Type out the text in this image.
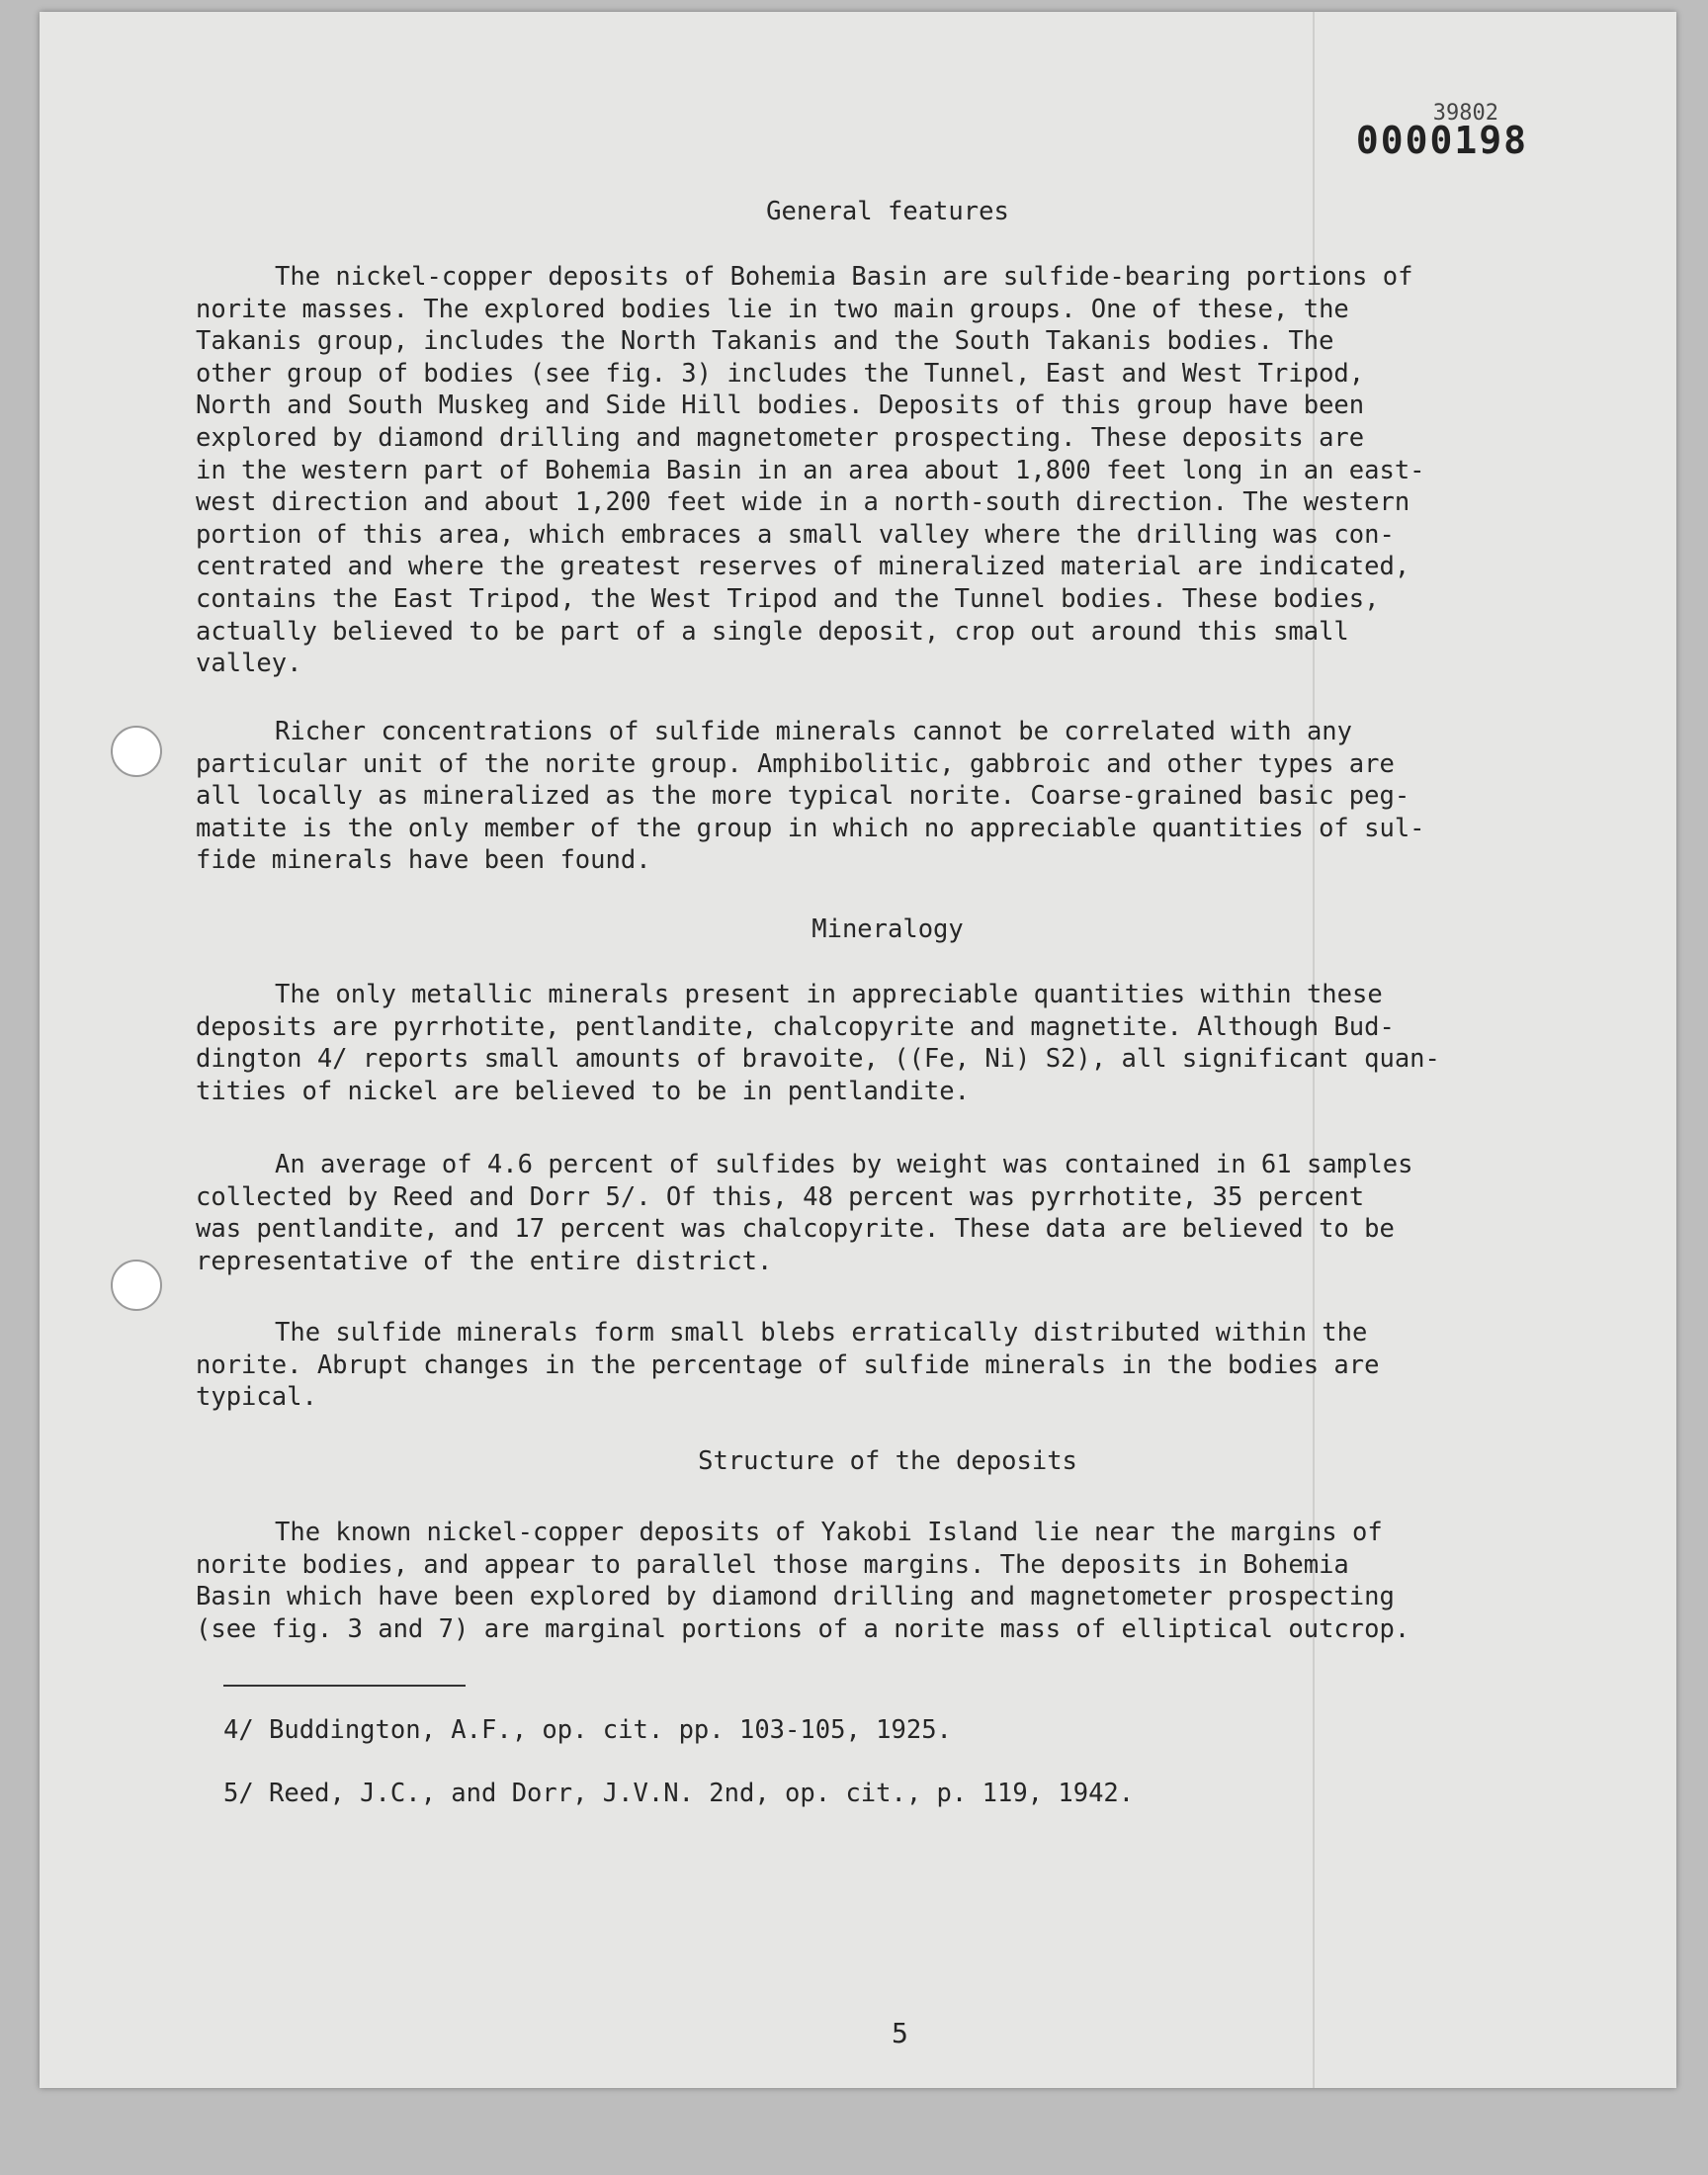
39802
0000198
General features

The nickel-copper deposits of Bohemia Basin are sulfide-bearing portions of
norite masses. The explored bodies lie in two main groups. One of these, the
Takanis group, includes the North Takanis and the South Takanis bodies. The
other group of bodies (see fig. 3) includes the Tunnel, East and West Tripod,
North and South Muskeg and Side Hill bodies. Deposits of this group have been
explored by diamond drilling and magnetometer prospecting. These deposits are
in the western part of Bohemia Basin in an area about 1,800 feet long in an east-
west direction and about 1,200 feet wide in a north-south direction. The western
portion of this area, which embraces a small valley where the drilling was con-
centrated and where the greatest reserves of mineralized material are indicated,
contains the East Tripod, the West Tripod and the Tunnel bodies. These bodies,
actually believed to be part of a single deposit, crop out around this small
valley.

Richer concentrations of sulfide minerals cannot be correlated with any
particular unit of the norite group. Amphibolitic, gabbroic and other types are
all locally as mineralized as the more typical norite. Coarse-grained basic peg-
matite is the only member of the group in which no appreciable quantities of sul-
fide minerals have been found.

Mineralogy

The only metallic minerals present in appreciable quantities within these
deposits are pyrrhotite, pentlandite, chalcopyrite and magnetite. Although Bud-
dington 4/ reports small amounts of bravoite, ((Fe, Ni) S2), all significant quan-
tities of nickel are believed to be in pentlandite.

An average of 4.6 percent of sulfides by weight was contained in 61 samples
collected by Reed and Dorr 5/. Of this, 48 percent was pyrrhotite, 35 percent
was pentlandite, and 17 percent was chalcopyrite. These data are believed to be
representative of the entire district.

The sulfide minerals form small blebs erratically distributed within the
norite. Abrupt changes in the percentage of sulfide minerals in the bodies are
typical.

Structure of the deposits

The known nickel-copper deposits of Yakobi Island lie near the margins of
norite bodies, and appear to parallel those margins. The deposits in Bohemia
Basin which have been explored by diamond drilling and magnetometer prospecting
(see fig. 3 and 7) are marginal portions of a norite mass of elliptical outcrop.

4/ Buddington, A.F., op. cit. pp. 103-105, 1925.
5/ Reed, J.C., and Dorr, J.V.N. 2nd, op. cit., p. 119, 1942.
5
